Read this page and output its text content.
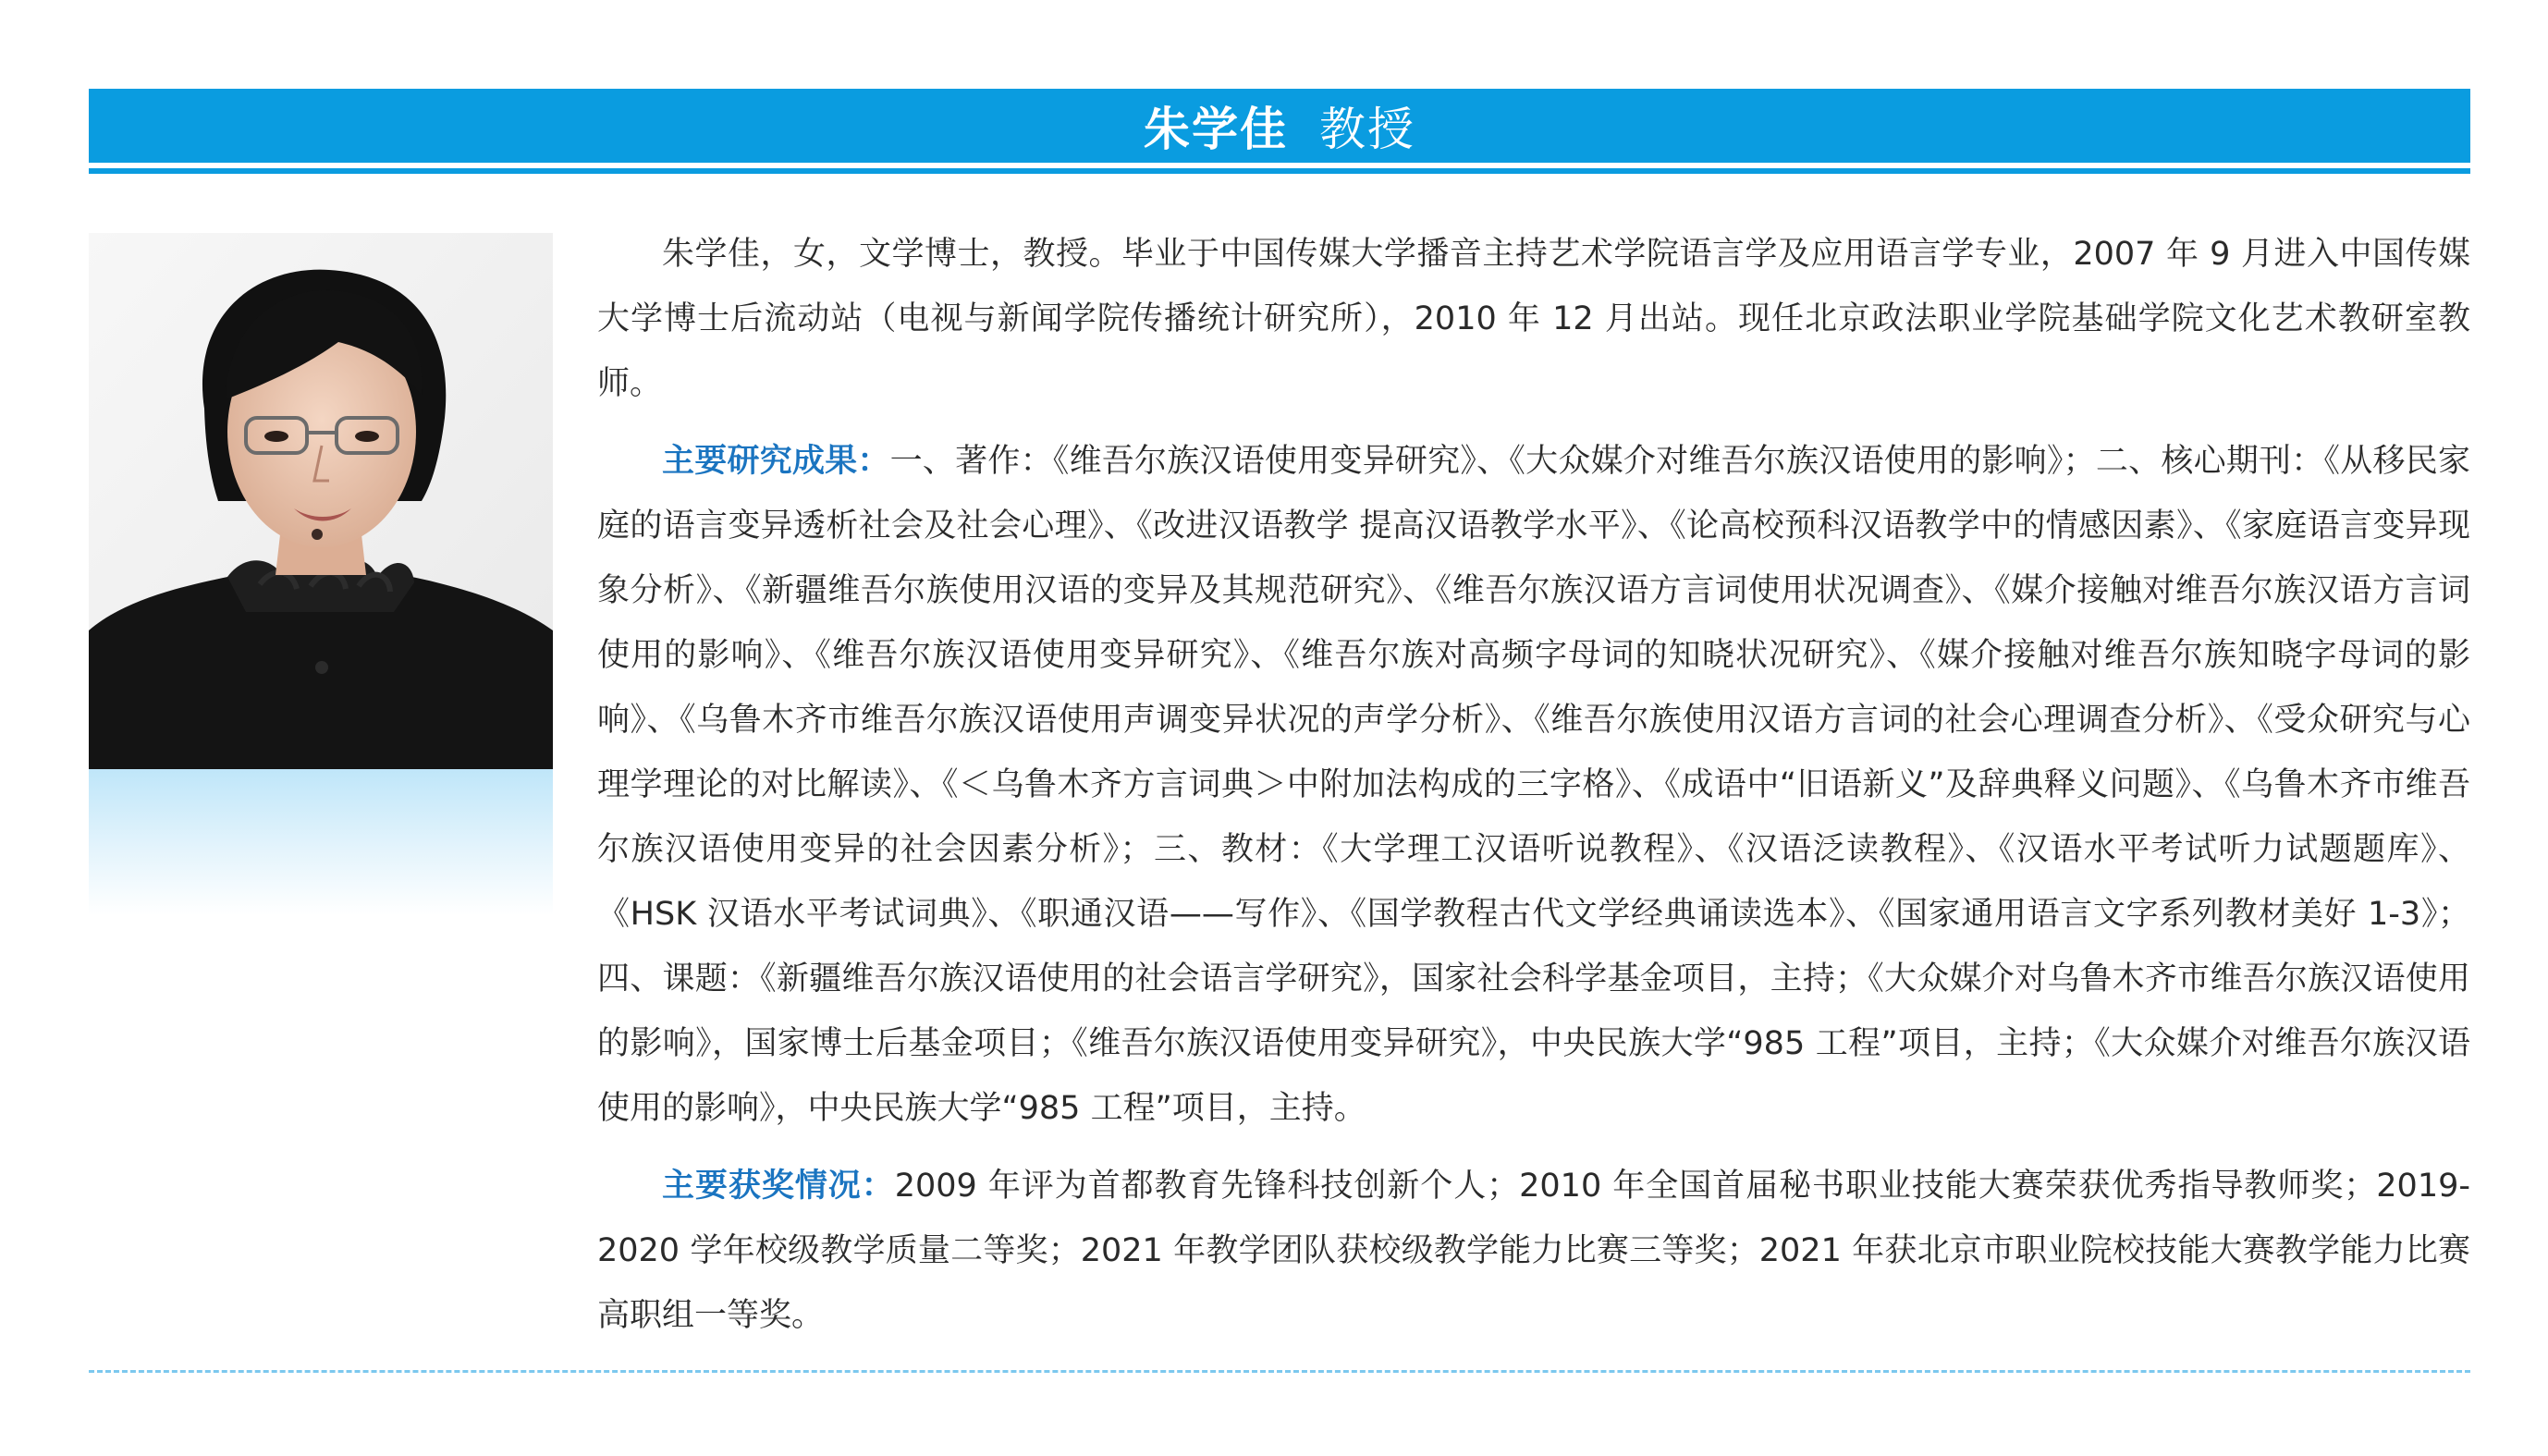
朱学佳 教授

朱学佳，女，文学博士，教授。毕业于中国传媒大学播音主持艺术学院语言学及应用语言学专业，2007 年 9 月进入中国传媒大学博士后流动站（电视与新闻学院传播统计研究所），2010 年 12 月出站。现任北京政法职业学院基础学院文化艺术教研室教师。

主要研究成果：一、著作：《维吾尔族汉语使用变异研究》、《大众媒介对维吾尔族汉语使用的影响》；二、核心期刊：《从移民家庭的语言变异透析社会及社会心理》、《改进汉语教学 提高汉语教学水平》、《论高校预科汉语教学中的情感因素》、《家庭语言变异现象分析》、《新疆维吾尔族使用汉语的变异及其规范研究》、《维吾尔族汉语方言词使用状况调查》、《媒介接触对维吾尔族汉语方言词使用的影响》、《维吾尔族汉语使用变异研究》、《维吾尔族对高频字母词的知晓状况研究》、《媒介接触对维吾尔族知晓字母词的影响》、《乌鲁木齐市维吾尔族汉语使用声调变异状况的声学分析》、《维吾尔族使用汉语方言词的社会心理调查分析》、《受众研究与心理学理论的对比解读》、《＜乌鲁木齐方言词典＞中附加法构成的三字格》、《成语中“旧语新义”及辞典释义问题》、《乌鲁木齐市维吾尔族汉语使用变异的社会因素分析》；三、教材：《大学理工汉语听说教程》、《汉语泛读教程》、《汉语水平考试听力试题题库》、《HSK 汉语水平考试词典》、《职通汉语——写作》、《国学教程古代文学经典诵读选本》、《国家通用语言文字系列教材美好 1-3》；四、课题：《新疆维吾尔族汉语使用的社会语言学研究》，国家社会科学基金项目，主持；《大众媒介对乌鲁木齐市维吾尔族汉语使用的影响》，国家博士后基金项目；《维吾尔族汉语使用变异研究》，中央民族大学“985 工程”项目，主持；《大众媒介对维吾尔族汉语使用的影响》，中央民族大学“985 工程”项目，主持。

主要获奖情况：2009 年评为首都教育先锋科技创新个人；2010 年全国首届秘书职业技能大赛荣获优秀指导教师奖；2019-2020 学年校级教学质量二等奖；2021 年教学团队获校级教学能力比赛三等奖；2021 年获北京市职业院校技能大赛教学能力比赛高职组一等奖。
